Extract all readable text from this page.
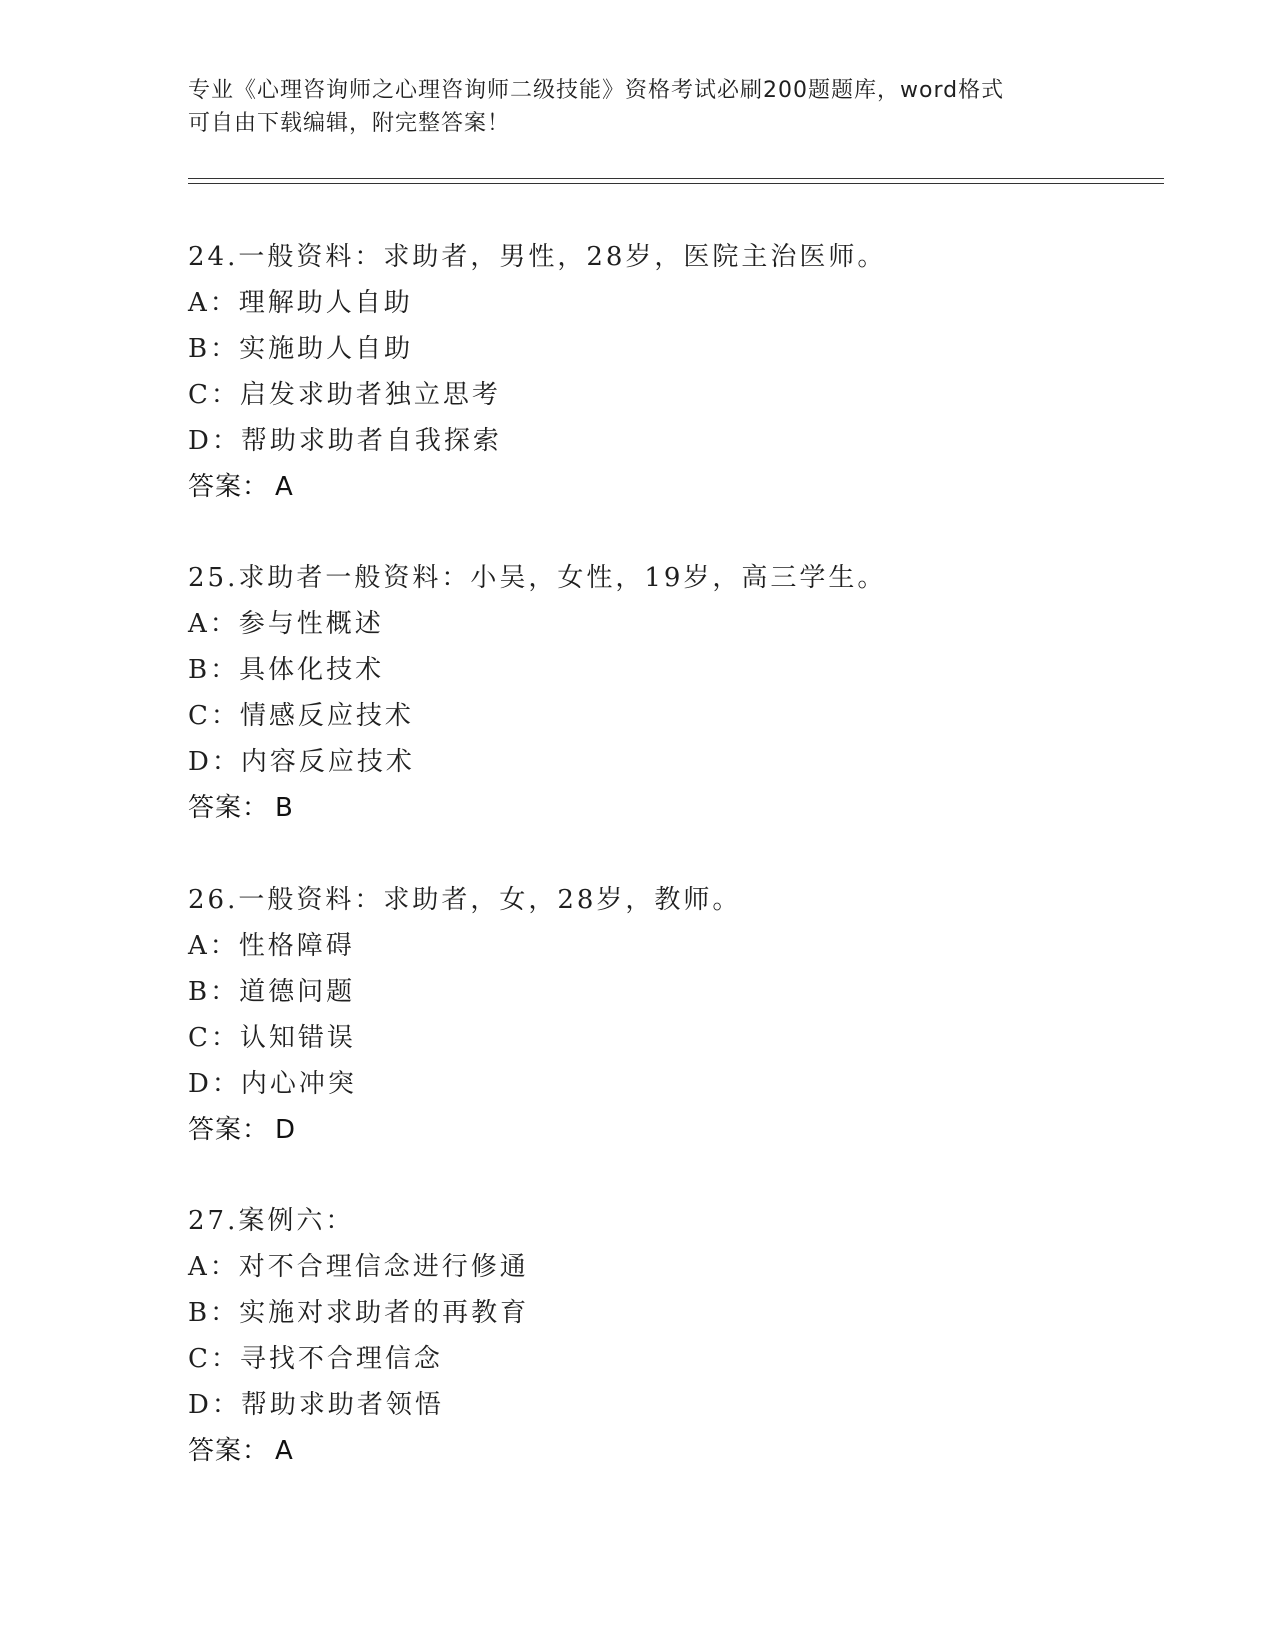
专业《心理咨询师之心理咨询师二级技能》资格考试必刷200题题库，word格式
可自由下载编辑，附完整答案！
24.一般资料：求助者，男性，28岁，医院主治医师。
A：理解助人自助
B：实施助人自助
C：启发求助者独立思考
D：帮助求助者自我探索
答案： A
25.求助者一般资料：小吴，女性，19岁，高三学生。
A：参与性概述
B：具体化技术
C：情感反应技术
D：内容反应技术
答案： B
26.一般资料：求助者，女，28岁，教师。
A：性格障碍
B：道德问题
C：认知错误
D：内心冲突
答案： D
27.案例六：
A：对不合理信念进行修通
B：实施对求助者的再教育
C：寻找不合理信念
D：帮助求助者领悟
答案： A
